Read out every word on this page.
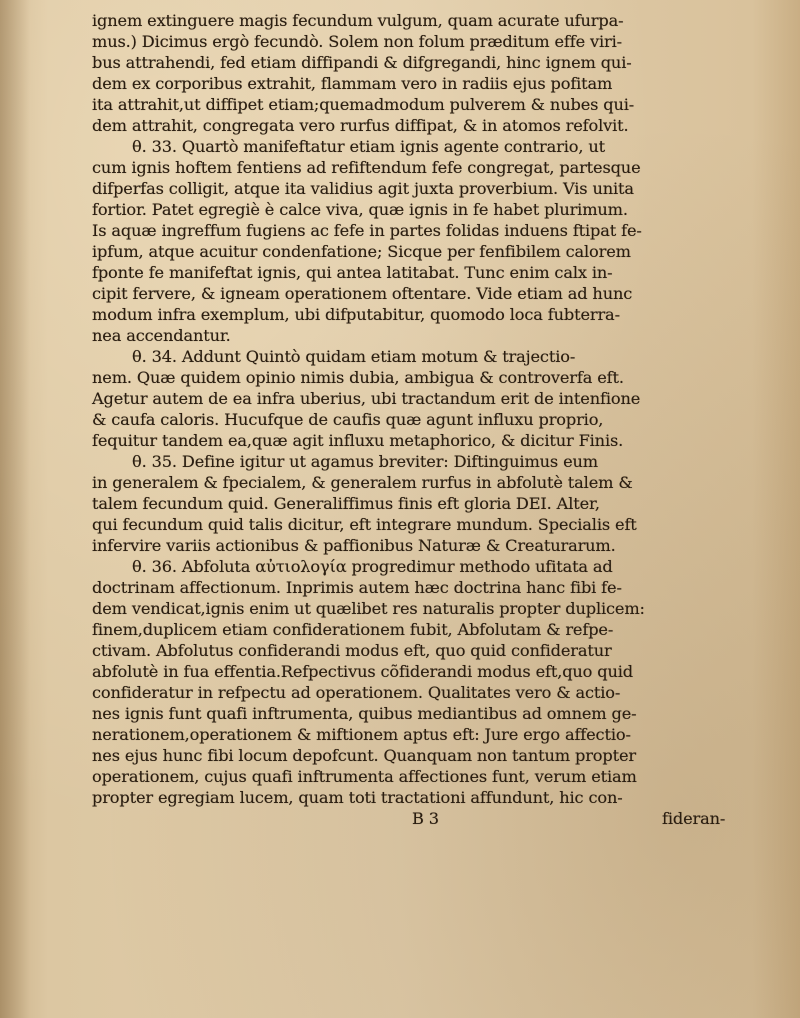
ignem extinguere magis fecundum vulgum, quam acurate ufurpa-
mus.) Dicimus ergò fecundò. Solem non folum præditum effe viri-
bus attrahendi, fed etiam diffipandi & difgregandi, hinc ignem qui-
dem ex corporibus extrahit, flammam vero in radiis ejus pofitam
ita attrahit,ut diffipet etiam;quemadmodum pulverem & nubes qui-
dem attrahit, congregata vero rurfus diffipat, & in atomos refolvit.
θ. 33. Quartò manifeftatur etiam ignis agente contrario, ut
cum ignis hoftem fentiens ad refiftendum fefe congregat, partesque
difperfas colligit, atque ita validius agit juxta proverbium. Vis unita
fortior. Patet egregiè è calce viva, quæ ignis in fe habet plurimum.
Is aquæ ingreffum fugiens ac fefe in partes folidas induens ftipat fe-
ipfum, atque acuitur condenfatione; Sicque per fenfibilem calorem
fponte fe manifeftat ignis, qui antea latitabat. Tunc enim calx in-
cipit fervere, & igneam operationem oftentare. Vide etiam ad hunc
modum infra exemplum, ubi difputabitur, quomodo loca fubterra-
nea accendantur.
θ. 34. Addunt Quintò quidam etiam motum & trajectio-
nem. Quæ quidem opinio nimis dubia, ambigua & controverfa eft.
Agetur autem de ea infra uberius, ubi tractandum erit de intenfione
& caufa caloris. Hucufque de caufis quæ agunt influxu proprio,
fequitur tandem ea,quæ agit influxu metaphorico, & dicitur Finis.
θ. 35. Define igitur ut agamus breviter: Diftinguimus eum
in generalem & fpecialem, & generalem rurfus in abfolutè talem &
talem fecundum quid. Generaliffimus finis eft gloria DEI. Alter,
qui fecundum quid talis dicitur, eft integrare mundum. Specialis eft
infervire variis actionibus & paffionibus Naturæ & Creaturarum.
θ. 36. Abfoluta αὐτιολογία progredimur methodo ufitata ad
doctrinam affectionum. Inprimis autem hæc doctrina hanc fibi fe-
dem vendicat,ignis enim ut quælibet res naturalis propter duplicem:
finem,duplicem etiam confiderationem fubit, Abfolutam & refpe-
ctivam. Abfolutus confiderandi modus eft, quo quid confideratur
abfolutè in fua effentia.Refpectivus cõfiderandi modus eft,quo quid
confideratur in refpectu ad operationem. Qualitates vero & actio-
nes ignis funt quafi inftrumenta, quibus mediantibus ad omnem ge-
nerationem,operationem & miftionem aptus eft: Jure ergo affectio-
nes ejus hunc fibi locum depofcunt. Quanquam non tantum propter
operationem, cujus quafi inftrumenta affectiones funt, verum etiam
propter egregiam lucem, quam toti tractationi affundunt, hic con-
B 3	fideran-
